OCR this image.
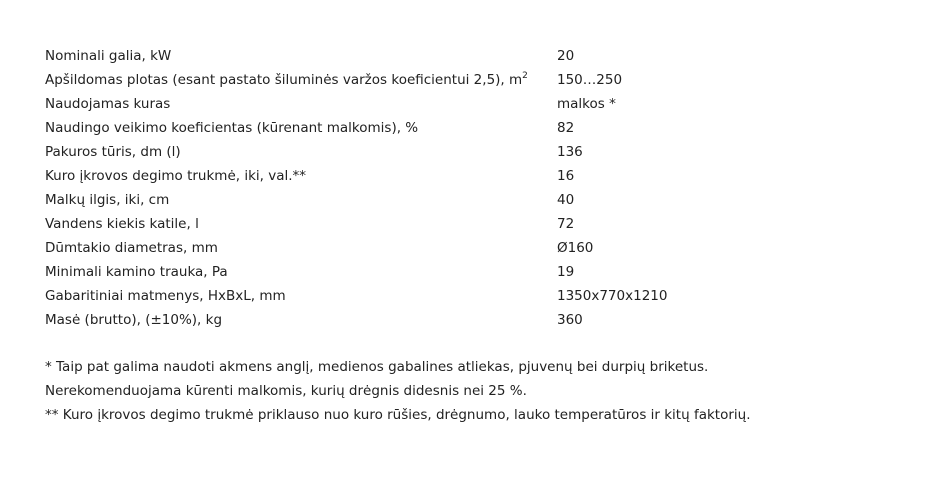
Nominali galia, kW	20
Apšildomas plotas (esant pastato šiluminės varžos koeficientui 2,5), $m^2$	150…250
Naudojamas kuras	malkos *
Naudingo veikimo koeficientas (kūrenant malkomis), %	82
Pakuros tūris, dm (l)	136
Kuro įkrovos degimo trukmė, iki, val.**	16
Malkų ilgis, iki, cm	40
Vandens kiekis katile, l	72
Dūmtakio diametras, mm	Ø160
Minimali kamino trauka, Pa	19
Gabaritiniai matmenys, HxBxL, mm	1350x770x1210
Masė (brutto), (±10%), kg	360

* Taip pat galima naudoti akmens anglį, medienos gabalines atliekas, pjuvenų bei durpių briketus.

Nerekomenduojama kūrenti malkomis, kurių drėgnis didesnis nei 25 %.

** Kuro įkrovos degimo trukmė priklauso nuo kuro rūšies, drėgnumo, lauko temperatūros ir kitų faktorių.
